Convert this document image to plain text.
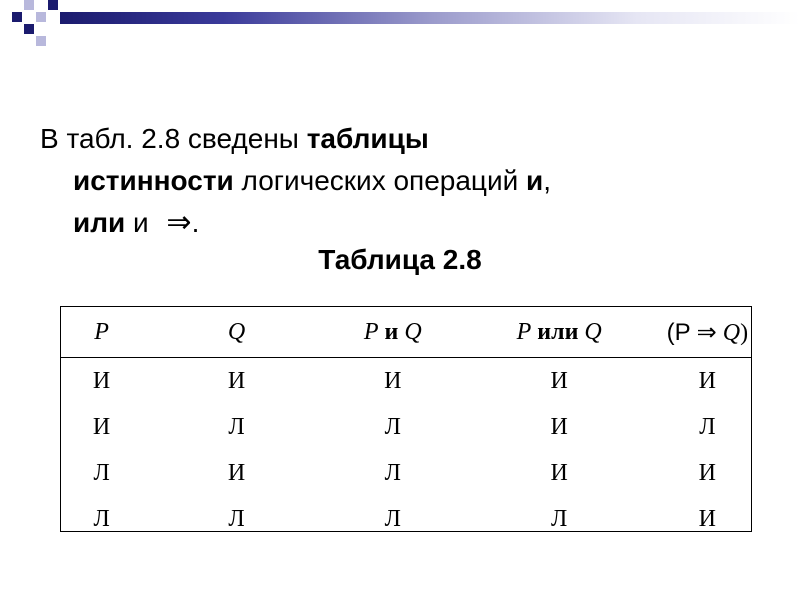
В табл. 2.8 сведены таблицы
истинности логических операций и,
или и ⇒.
Таблица 2.8
P	Q	P и Q	P или Q	(P ⇒ Q)
И	И	И	И	И
И	Л	Л	И	Л
Л	И	Л	И	И
Л	Л	Л	Л	И
